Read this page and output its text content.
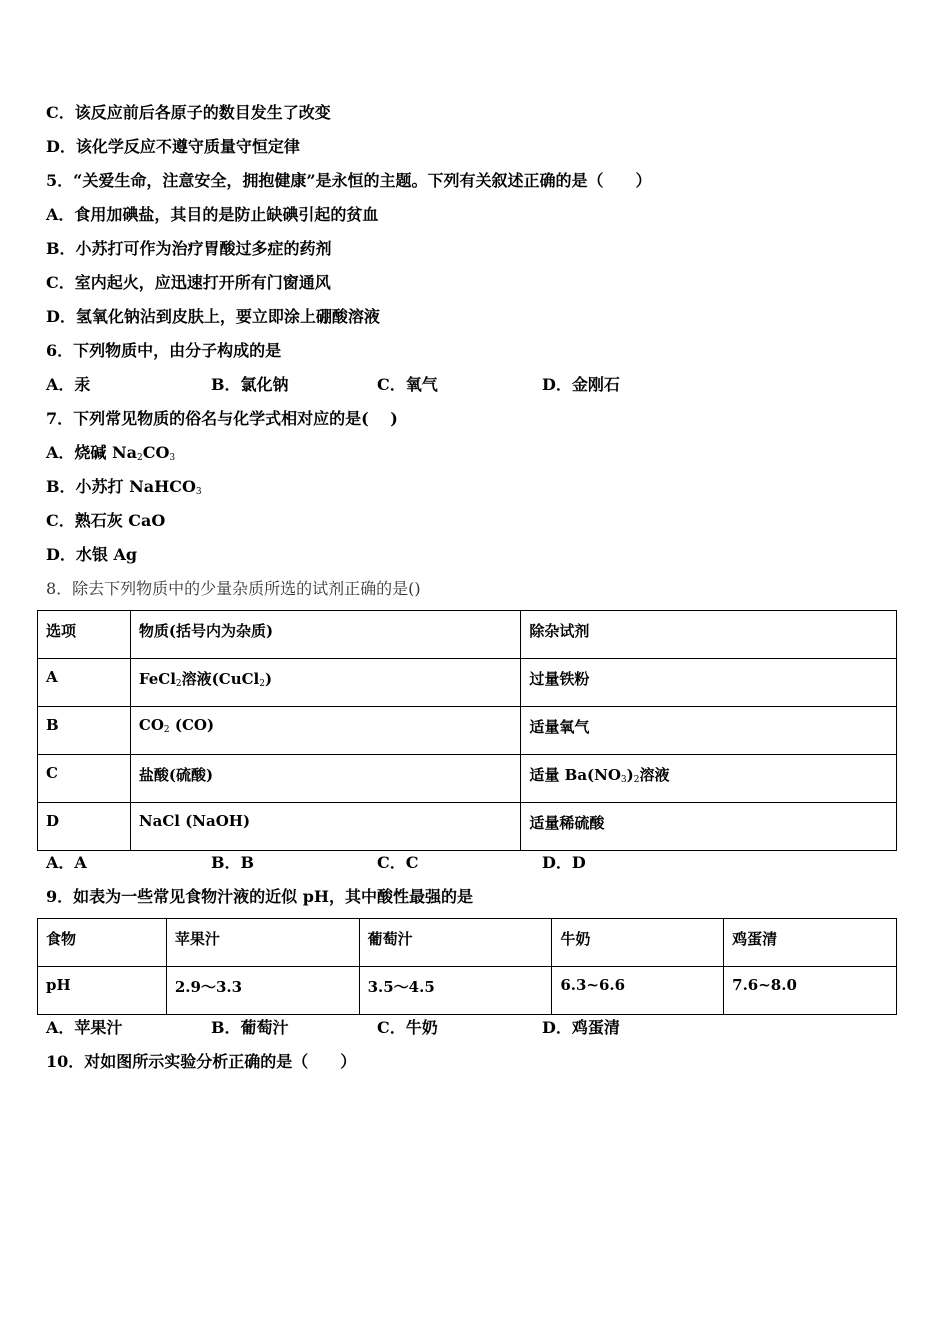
C．该反应前后各原子的数目发生了改变
D．该化学反应不遵守质量守恒定律
5．“关爱生命，注意安全，拥抱健康”是永恒的主题。下列有关叙述正确的是（　　）
A．食用加碘盐，其目的是防止缺碘引起的贫血
B．小苏打可作为治疗胃酸过多症的药剂
C．室内起火，应迅速打开所有门窗通风
D．氢氧化钠沾到皮肤上，要立即涂上硼酸溶液
6．下列物质中，由分子构成的是
A．汞	B．氯化钠	C．氧气	D．金刚石
7．下列常见物质的俗名与化学式相对应的是(　 )
A．烧碱 $Na_2CO_3$
B．小苏打 NaHCO$_3$
C．熟石灰 CaO
D．水银 Ag
8．除去下列物质中的少量杂质所选的试剂正确的是()
选项	物质(括号内为杂质)	除杂试剂
A	FeCl$_2$溶液(CuCl$_2$)	过量铁粉
B	$CO_2$ (CO)	适量氧气
C	盐酸(硫酸)	适量 $Ba(NO_3)_2$溶液
D	NaCl (NaOH)	适量稀硫酸
A．A	B．B	C．C	D．D
9．如表为一些常见食物汁液的近似 pH，其中酸性最强的是
食物	苹果汁	葡萄汁	牛奶	鸡蛋清
pH	2.9～3.3	3.5～4.5	6.3~6.6	7.6~8.0
A．苹果汁	B．葡萄汁	C．牛奶	D．鸡蛋清
10．对如图所示实验分析正确的是（　　）
